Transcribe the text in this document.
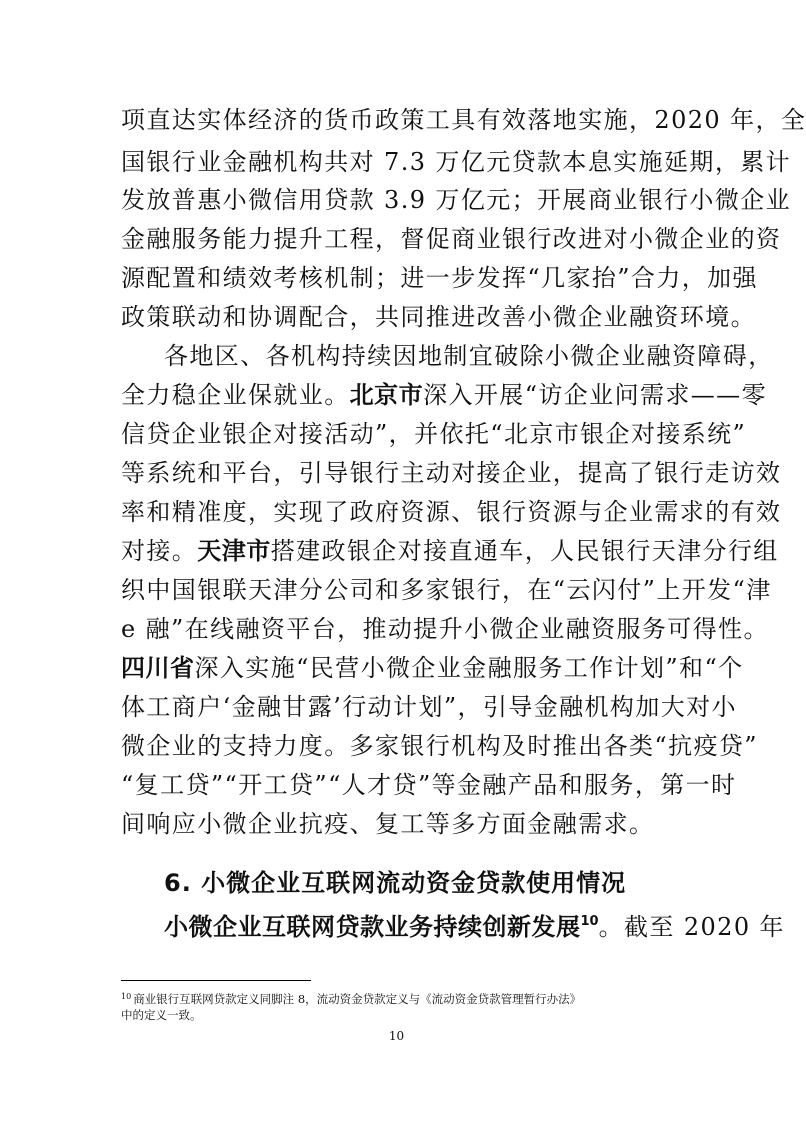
项直达实体经济的货币政策工具有效落地实施，2020 年，全
国银行业金融机构共对 7.3 万亿元贷款本息实施延期，累计
发放普惠小微信用贷款 3.9 万亿元；开展商业银行小微企业
金融服务能力提升工程，督促商业银行改进对小微企业的资
源配置和绩效考核机制；进一步发挥“几家抬”合力，加强
政策联动和协调配合，共同推进改善小微企业融资环境。
各地区、各机构持续因地制宜破除小微企业融资障碍，
全力稳企业保就业。北京市深入开展“访企业问需求——零
信贷企业银企对接活动”，并依托“北京市银企对接系统”
等系统和平台，引导银行主动对接企业，提高了银行走访效
率和精准度，实现了政府资源、银行资源与企业需求的有效
对接。天津市搭建政银企对接直通车，人民银行天津分行组
织中国银联天津分公司和多家银行，在“云闪付”上开发“津
e 融”在线融资平台，推动提升小微企业融资服务可得性。
四川省深入实施“民营小微企业金融服务工作计划”和“个
体工商户‘金融甘露’行动计划”，引导金融机构加大对小
微企业的支持力度。多家银行机构及时推出各类“抗疫贷”
“复工贷”“开工贷”“人才贷”等金融产品和服务，第一时
间响应小微企业抗疫、复工等多方面金融需求。
6. 小微企业互联网流动资金贷款使用情况
小微企业互联网贷款业务持续创新发展$^{10}$。截至 2020 年
$^{10}$ 商业银行互联网贷款定义同脚注 8，流动资金贷款定义与《流动资金贷款管理暂行办法》
中的定义一致。
10
